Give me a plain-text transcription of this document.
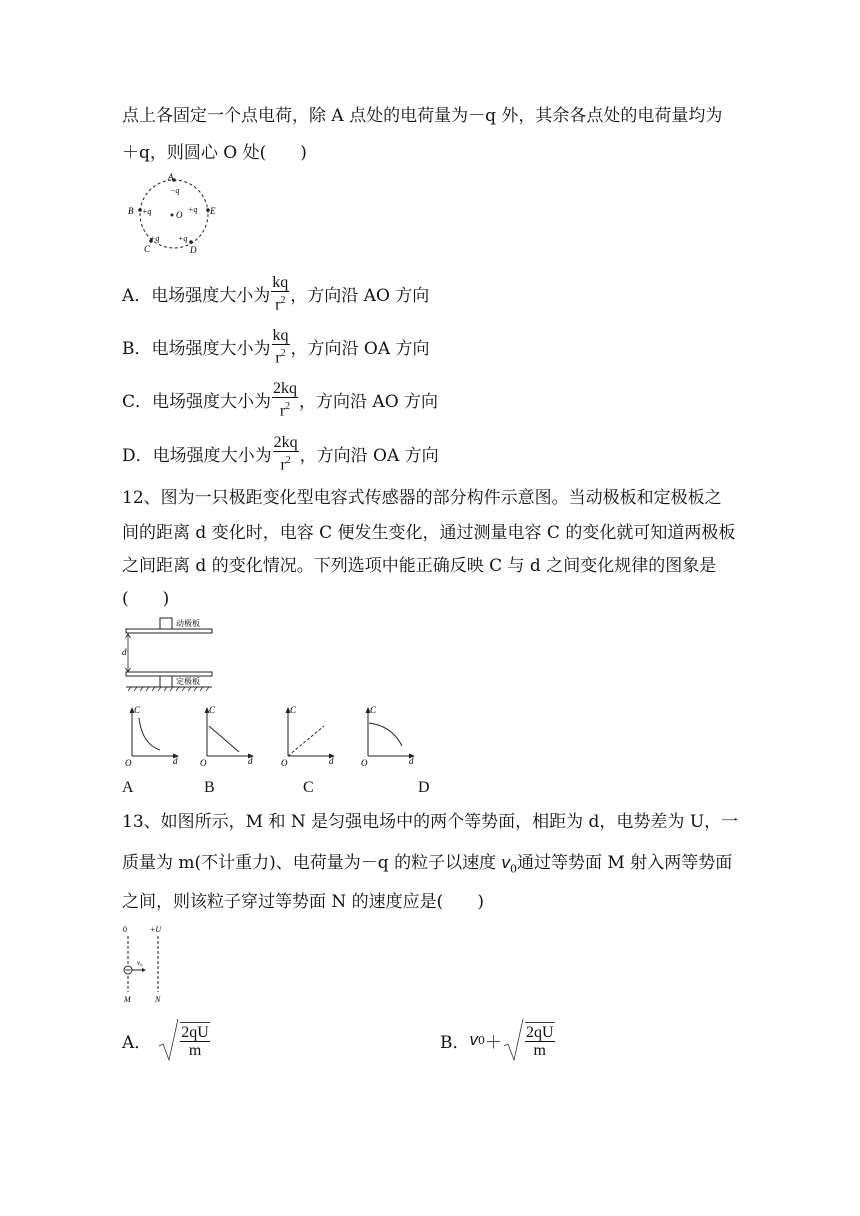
点上各固定一个点电荷，除 A 点处的电荷量为－q 外，其余各点处的电荷量均为
＋q，则圆心 O 处(　　)
A
−q
B +q	E
+q
C
+q
D
+q
O
A． 电场强度大小为 $\frac{kq}{r^2}$ ，方向沿 AO 方向
B． 电场强度大小为 $\frac{kq}{r^2}$ ，方向沿 OA 方向
C． 电场强度大小为 $\frac{2kq}{r^2}$ ，方向沿 AO 方向
D． 电场强度大小为 $\frac{2kq}{r^2}$ ，方向沿 OA 方向
12、图为一只极距变化型电容式传感器的部分构件示意图。当动极板和定极板之
间的距离 d 变化时，电容 C 便发生变化，通过测量电容 C 的变化就可知道两极板
之间距离 d 的变化情况。下列选项中能正确反映 C 与 d 之间变化规律的图象是
(　　)
动极板
d
定极板
C
d
O
C
d
O
C
d
O
C
d
O
A	B	C	D
13、如图所示，M 和 N 是匀强电场中的两个等势面，相距为 d，电势差为 U，一
质量为 m(不计重力)、电荷量为－q 的粒子以速度 $v_0$通过等势面 M 射入两等势面
之间，则该粒子穿过等势面 N 的速度应是(　　)
0	+U
v₀
M	N
A． $\frac{2qU}{m}$	B． v $0 + \frac{2qU}{m}$
